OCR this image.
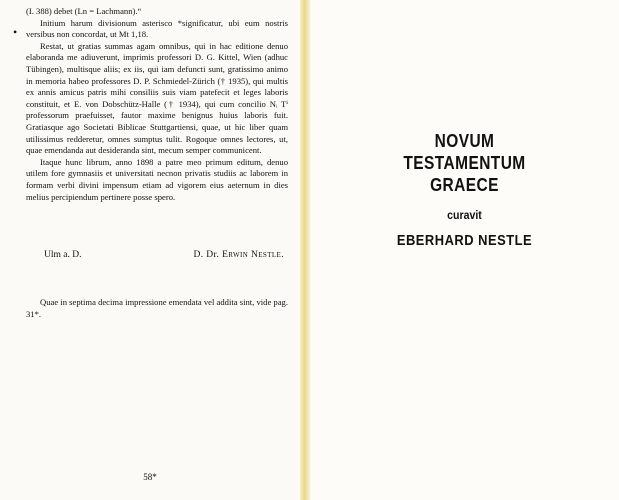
•

(I. 388) debet (Ln = Lachmann).“

Initium harum divisionum asterisco *significatur, ubi eum nostris versibus non concordat, ut Mt 1,18.

Restat, ut gratias summas agam omnibus, qui in hac editione denuo elaboranda me adiuverunt, imprimis professori D. G. Kittel, Wien (adhuc Tübingen), multisque aliis; ex iis, qui iam defuncti sunt, gratissimo animo in memoria habeo professores D. P. Schmiedel-Zürich († 1935), qui multis ex annis amicus patris mihi consiliis suis viam patefecit et leges laboris constituit, et E. von Dobschütz-Halle († 1934), qui cum concilio Nᵢ Tⁱ professorum praefuisset, fautor maxime benignus huius laboris fuit. Gratiasque ago Societati Biblicae Stuttgartiensi, quae, ut hic liber quam utilissimus redderetur, omnes sumptus tulit. Rogoque omnes lectores, ut, quae emendanda aut desideranda sint, mecum semper communicent.

Itaque hunc librum, anno 1898 a patre meo primum editum, denuo utilem fore gymnasiis et universitati necnon privatis studiis ac laborem in formam verbi divini impensum etiam ad vigorem eius aeternum in dies melius percipiendum pertinere posse spero.

Ulm a. D.	D. Dr. Erwin Nestle.
Quae in septima decima impressione emendata vel addita sint, vide pag. 31*.
58*
NOVUM
TESTAMENTUM
GRAECE
curavit
EBERHARD NESTLE
